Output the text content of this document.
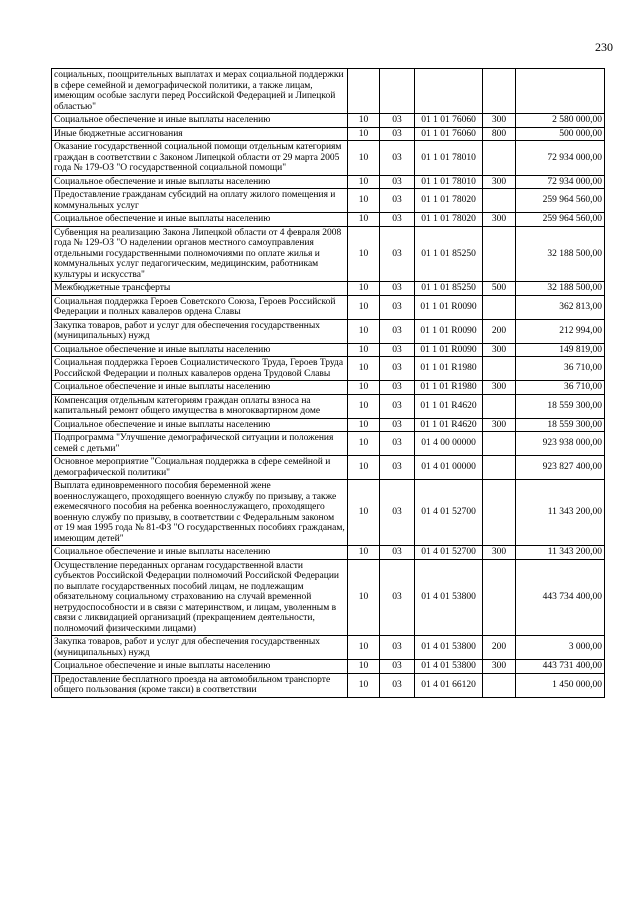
230
социальных, поощрительных выплатах и мерах социальной поддержки в сфере семейной и демографической политики, а также лицам, имеющим особые заслуги перед Российской Федерацией и Липецкой областью"					
Социальное обеспечение и иные выплаты населению	10	03	01 1 01 76060	300	2 580 000,00
Иные бюджетные ассигнования	10	03	01 1 01 76060	800	500 000,00
Оказание государственной социальной помощи отдельным категориям граждан в соответствии с Законом Липецкой области от 29 марта 2005 года № 179-ОЗ "О государственной социальной помощи"	10	03	01 1 01 78010		72 934 000,00
Социальное обеспечение и иные выплаты населению	10	03	01 1 01 78010	300	72 934 000,00
Предоставление гражданам субсидий на оплату жилого помещения и коммунальных услуг	10	03	01 1 01 78020		259 964 560,00
Социальное обеспечение и иные выплаты населению	10	03	01 1 01 78020	300	259 964 560,00
Субвенция на реализацию Закона Липецкой области от 4 февраля 2008 года № 129-ОЗ "О наделении органов местного самоуправления отдельными государственными полномочиями по оплате жилья и коммунальных услуг педагогическим, медицинским, работникам культуры и искусства"	10	03	01 1 01 85250		32 188 500,00
Межбюджетные трансферты	10	03	01 1 01 85250	500	32 188 500,00
Социальная поддержка Героев Советского Союза, Героев Российской Федерации и полных кавалеров ордена Славы	10	03	01 1 01 R0090		362 813,00
Закупка товаров, работ и услуг для обеспечения государственных (муниципальных) нужд	10	03	01 1 01 R0090	200	212 994,00
Социальное обеспечение и иные выплаты населению	10	03	01 1 01 R0090	300	149 819,00
Социальная поддержка Героев Социалистического Труда, Героев Труда Российской Федерации и полных кавалеров ордена Трудовой Славы	10	03	01 1 01 R1980		36 710,00
Социальное обеспечение и иные выплаты населению	10	03	01 1 01 R1980	300	36 710,00
Компенсация отдельным категориям граждан оплаты взноса на капитальный ремонт общего имущества в многоквартирном доме	10	03	01 1 01 R4620		18 559 300,00
Социальное обеспечение и иные выплаты населению	10	03	01 1 01 R4620	300	18 559 300,00
Подпрограмма "Улучшение демографической ситуации и положения семей с детьми"	10	03	01 4 00 00000		923 938 000,00
Основное мероприятие "Социальная поддержка в сфере семейной и демографической политики"	10	03	01 4 01 00000		923 827 400,00
Выплата единовременного пособия беременной жене военнослужащего, проходящего военную службу по призыву, а также ежемесячного пособия на ребенка военнослужащего, проходящего военную службу по призыву, в соответствии с Федеральным законом от 19 мая 1995 года № 81-ФЗ "О государственных пособиях гражданам, имеющим детей"	10	03	01 4 01 52700		11 343 200,00
Социальное обеспечение и иные выплаты населению	10	03	01 4 01 52700	300	11 343 200,00
Осуществление переданных органам государственной власти субъектов Российской Федерации полномочий Российской Федерации по выплате государственных пособий лицам, не подлежащим обязательному социальному страхованию на случай временной нетрудоспособности и в связи с материнством, и лицам, уволенным в связи с ликвидацией организаций (прекращением деятельности, полномочий физическими лицами)	10	03	01 4 01 53800		443 734 400,00
Закупка товаров, работ и услуг для обеспечения государственных (муниципальных) нужд	10	03	01 4 01 53800	200	3 000,00
Социальное обеспечение и иные выплаты населению	10	03	01 4 01 53800	300	443 731 400,00
Предоставление бесплатного проезда на автомобильном транспорте общего пользования (кроме такси) в соответствии	10	03	01 4 01 66120		1 450 000,00
